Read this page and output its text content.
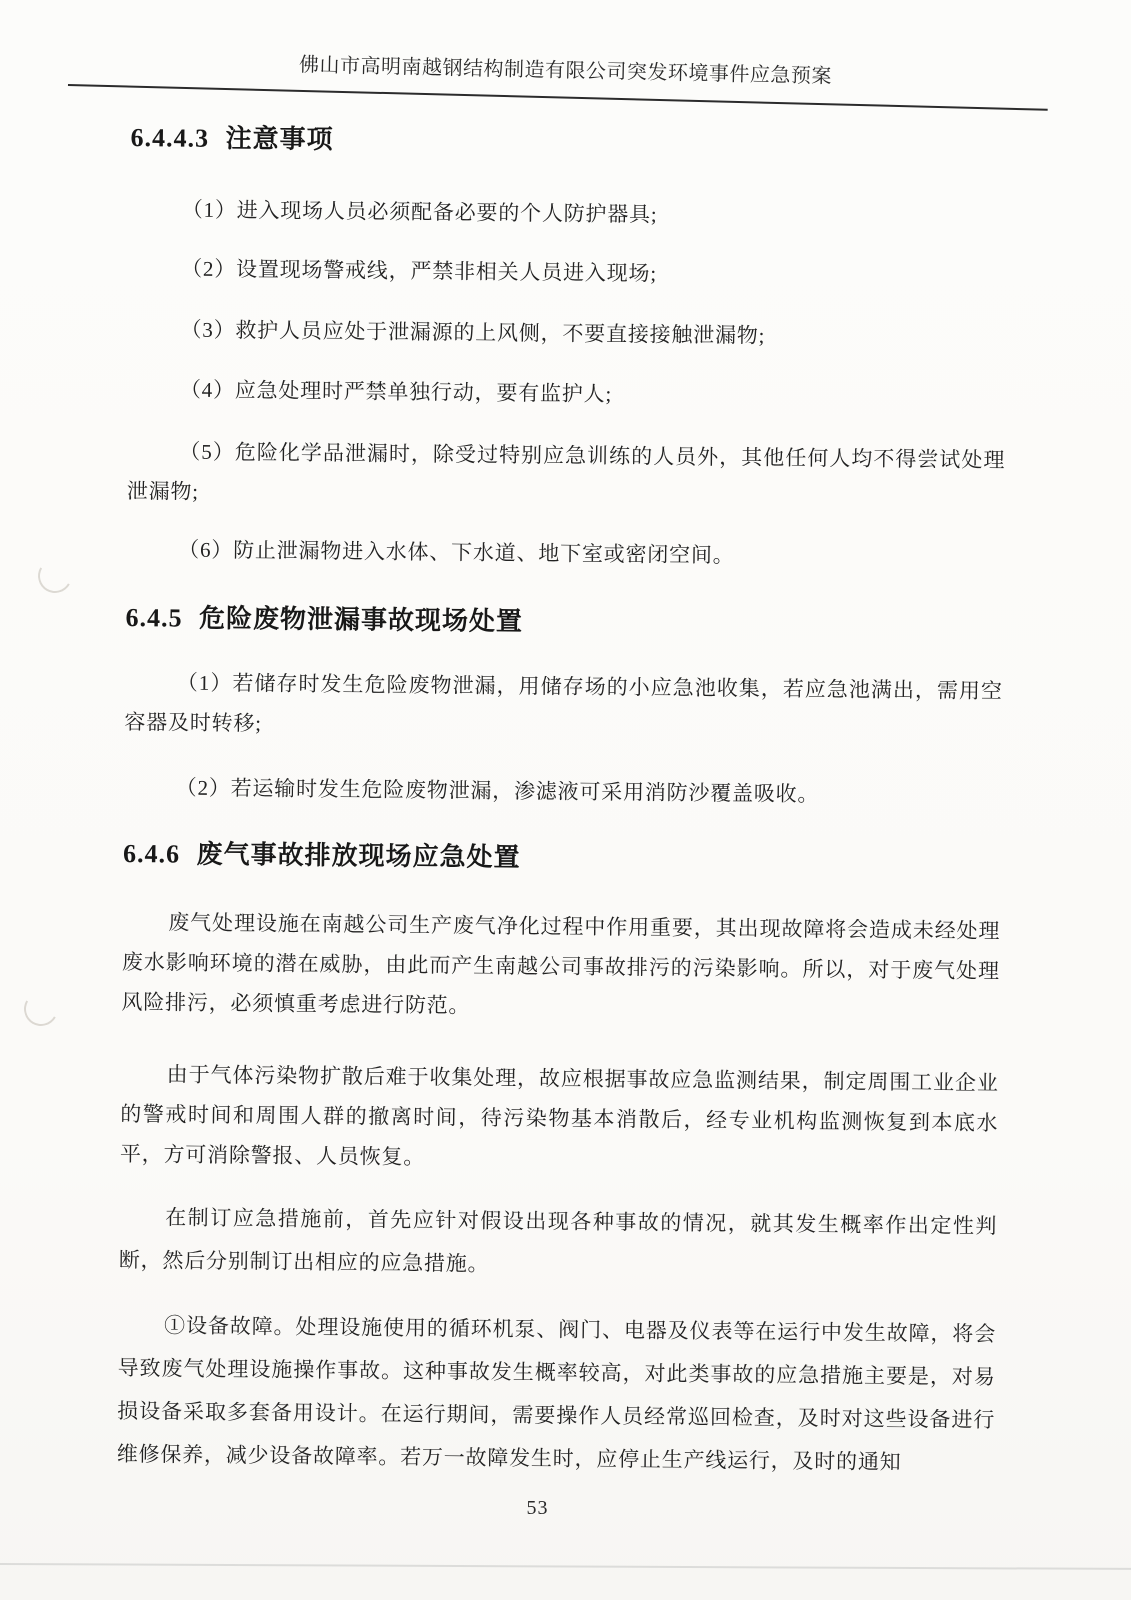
佛山市高明南越钢结构制造有限公司突发环境事件应急预案

6.4.4.3 注意事项

（1）进入现场人员必须配备必要的个人防护器具;

（2）设置现场警戒线，严禁非相关人员进入现场;

（3）救护人员应处于泄漏源的上风侧，不要直接接触泄漏物;

（4）应急处理时严禁单独行动，要有监护人;

（5）危险化学品泄漏时，除受过特别应急训练的人员外，其他任何人均不得尝试处理泄漏物;

（6）防止泄漏物进入水体、下水道、地下室或密闭空间。

6.4.5 危险废物泄漏事故现场处置

（1）若储存时发生危险废物泄漏，用储存场的小应急池收集，若应急池满出，需用空容器及时转移;

（2）若运输时发生危险废物泄漏，渗滤液可采用消防沙覆盖吸收。

6.4.6 废气事故排放现场应急处置

废气处理设施在南越公司生产废气净化过程中作用重要，其出现故障将会造成未经处理废水影响环境的潜在威胁，由此而产生南越公司事故排污的污染影响。所以，对于废气处理风险排污，必须慎重考虑进行防范。

由于气体污染物扩散后难于收集处理，故应根据事故应急监测结果，制定周围工业企业的警戒时间和周围人群的撤离时间，待污染物基本消散后，经专业机构监测恢复到本底水平，方可消除警报、人员恢复。

在制订应急措施前，首先应针对假设出现各种事故的情况，就其发生概率作出定性判断，然后分别制订出相应的应急措施。

①设备故障。处理设施使用的循环机泵、阀门、电器及仪表等在运行中发生故障，将会导致废气处理设施操作事故。这种事故发生概率较高，对此类事故的应急措施主要是，对易损设备采取多套备用设计。在运行期间，需要操作人员经常巡回检查，及时对这些设备进行维修保养，减少设备故障率。若万一故障发生时，应停止生产线运行，及时的通知

53
